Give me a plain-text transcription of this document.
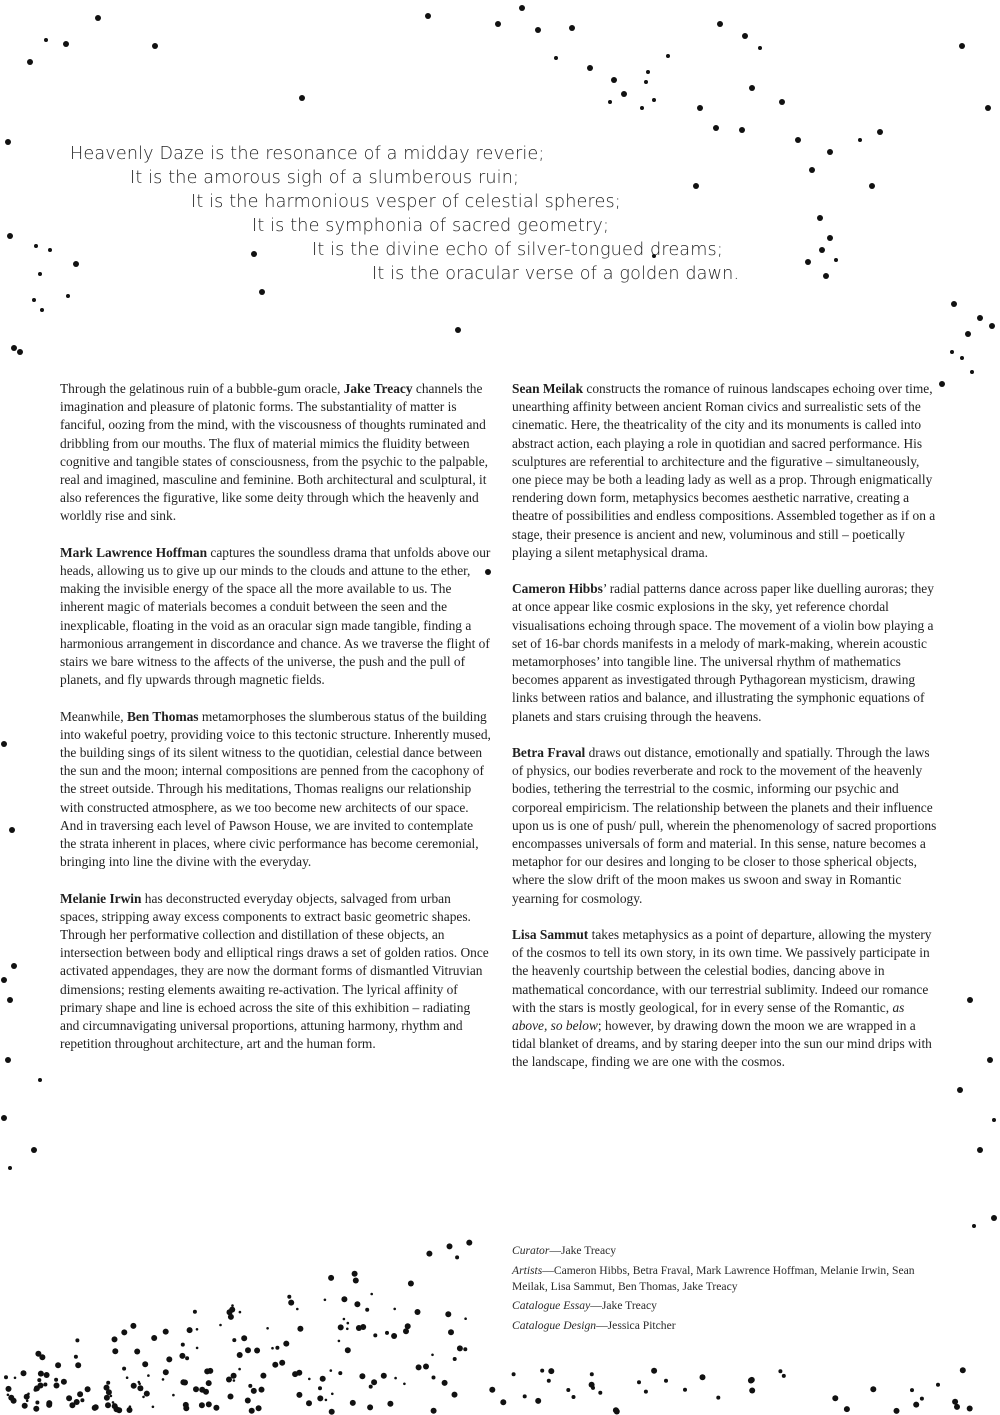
Heavenly Daze is the resonance of a midday reverie;
It is the amorous sigh of a slumberous ruin;
It is the harmonious vesper of celestial spheres;
It is the symphonia of sacred geometry;
It is the divine echo of silver-tongued dreams;
It is the oracular verse of a golden dawn.

Through the gelatinous ruin of a bubble-gum oracle, Jake Treacy channels the imagination and pleasure of platonic forms. The substantiality of matter is fanciful, oozing from the mind, with the viscousness of thoughts ruminated and dribbling from our mouths. The flux of material mimics the fluidity between cognitive and tangible states of consciousness, from the psychic to the palpable, real and imagined, masculine and feminine. Both architectural and sculptural, it also references the figurative, like some deity through which the heavenly and worldly rise and sink.

Mark Lawrence Hoffman captures the soundless drama that unfolds above our heads, allowing us to give up our minds to the clouds and attune to the ether, making the invisible energy of the space all the more available to us. The inherent magic of materials becomes a conduit between the seen and the inexplicable, floating in the void as an oracular sign made tangible, finding a harmonious arrangement in discordance and chance. As we traverse the flight of stairs we bare witness to the affects of the universe, the push and the pull of planets, and fly upwards through magnetic fields.

Meanwhile, Ben Thomas metamorphoses the slumberous status of the building into wakeful poetry, providing voice to this tectonic structure. Inherently mused, the building sings of its silent witness to the quotidian, celestial dance between the sun and the moon; internal compositions are penned from the cacophony of the street outside. Through his meditations, Thomas realigns our relationship with constructed atmosphere, as we too become new architects of our space. And in traversing each level of Pawson House, we are invited to contemplate the strata inherent in places, where civic performance has become ceremonial, bringing into line the divine with the everyday.

Melanie Irwin has deconstructed everyday objects, salvaged from urban spaces, stripping away excess components to extract basic geometric shapes. Through her performative collection and distillation of these objects, an intersection between body and elliptical rings draws a set of golden ratios. Once activated appendages, they are now the dormant forms of dismantled Vitruvian dimensions; resting elements awaiting re-activation. The lyrical affinity of primary shape and line is echoed across the site of this exhibition – radiating and circumnavigating universal proportions, attuning harmony, rhythm and repetition throughout architecture, art and the human form.

Sean Meilak constructs the romance of ruinous landscapes echoing over time, unearthing affinity between ancient Roman civics and surrealistic sets of the cinematic. Here, the theatricality of the city and its monuments is called into abstract action, each playing a role in quotidian and sacred performance. His sculptures are referential to architecture and the figurative – simultaneously, one piece may be both a leading lady as well as a prop. Through enigmatically rendering down form, metaphysics becomes aesthetic narrative, creating a theatre of possibilities and endless compositions. Assembled together as if on a stage, their presence is ancient and new, voluminous and still – poetically playing a silent metaphysical drama.

Cameron Hibbs’ radial patterns dance across paper like duelling auroras; they at once appear like cosmic explosions in the sky, yet reference chordal visualisations echoing through space. The movement of a violin bow playing a set of 16-bar chords manifests in a melody of mark-making, wherein acoustic metamorphoses’ into tangible line. The universal rhythm of mathematics becomes apparent as investigated through Pythagorean mysticism, drawing links between ratios and balance, and illustrating the symphonic equations of planets and stars cruising through the heavens.

Betra Fraval draws out distance, emotionally and spatially. Through the laws of physics, our bodies reverberate and rock to the movement of the heavenly bodies, tethering the terrestrial to the cosmic, informing our psychic and corporeal empiricism. The relationship between the planets and their influence upon us is one of push/ pull, wherein the phenomenology of sacred proportions encompasses universals of form and material. In this sense, nature becomes a metaphor for our desires and longing to be closer to those spherical objects, where the slow drift of the moon makes us swoon and sway in Romantic yearning for cosmology.

Lisa Sammut takes metaphysics as a point of departure, allowing the mystery of the cosmos to tell its own story, in its own time. We passively participate in the heavenly courtship between the celestial bodies, dancing above in mathematical concordance, with our terrestrial sublimity. Indeed our romance with the stars is mostly geological, for in every sense of the Romantic, as above, so below; however, by drawing down the moon we are wrapped in a tidal blanket of dreams, and by staring deeper into the sun our mind drips with the landscape, finding we are one with the cosmos.

Curator—Jake Treacy

Artists—Cameron Hibbs, Betra Fraval, Mark Lawrence Hoffman, Melanie Irwin, Sean Meilak, Lisa Sammut, Ben Thomas, Jake Treacy

Catalogue Essay—Jake Treacy

Catalogue Design—Jessica Pitcher
